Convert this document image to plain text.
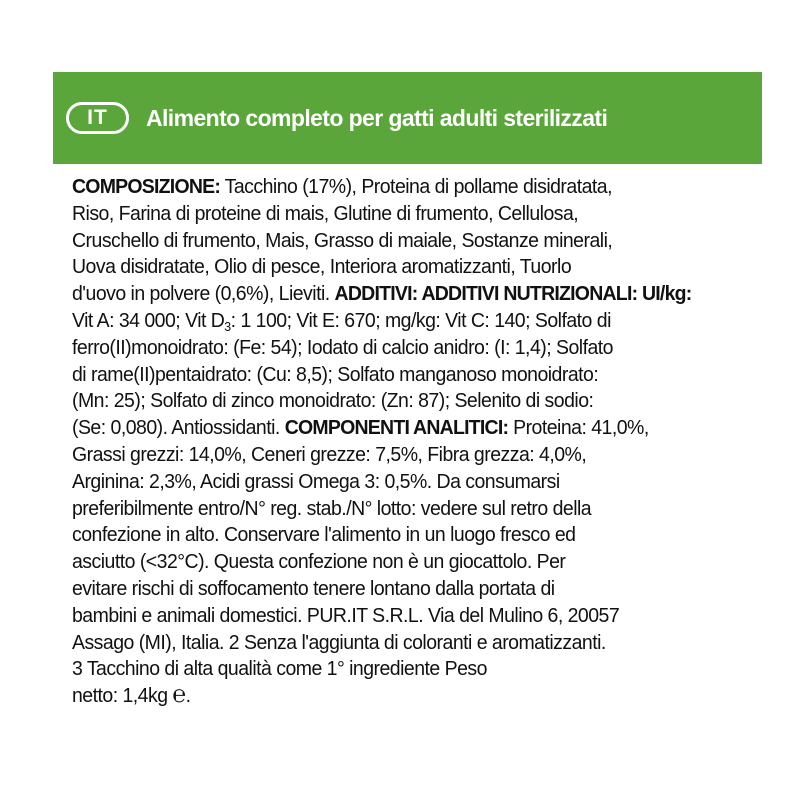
IT Alimento completo per gatti adulti sterilizzati
COMPOSIZIONE: Tacchino (17%), Proteina di pollame disidratata,
Riso, Farina di proteine di mais, Glutine di frumento, Cellulosa,
Cruschello di frumento, Mais, Grasso di maiale, Sostanze minerali,
Uova disidratate, Olio di pesce, Interiora aromatizzanti, Tuorlo
d'uovo in polvere (0,6%), Lieviti. ADDITIVI: ADDITIVI NUTRIZIONALI: UI/kg:
Vit A: 34 000; Vit $D_3$: 1 100; Vit E: 670; mg/kg: Vit C: 140; Solfato di
ferro(II)monoidrato: (Fe: 54); Iodato di calcio anidro: (I: 1,4); Solfato
di rame(II)pentaidrato: (Cu: 8,5); Solfato manganoso monoidrato:
(Mn: 25); Solfato di zinco monoidrato: (Zn: 87); Selenito di sodio:
(Se: 0,080). Antiossidanti. COMPONENTI ANALITICI: Proteina: 41,0%,
Grassi grezzi: 14,0%, Ceneri grezze: 7,5%, Fibra grezza: 4,0%,
Arginina: 2,3%, Acidi grassi Omega 3: 0,5%. Da consumarsi
preferibilmente entro/N° reg. stab./N° lotto: vedere sul retro della
confezione in alto. Conservare l'alimento in un luogo fresco ed
asciutto (<32°C). Questa confezione non è un giocattolo. Per
evitare rischi di soffocamento tenere lontano dalla portata di
bambini e animali domestici. PUR.IT S.R.L. Via del Mulino 6, 20057
Assago (MI), Italia. 2 Senza l'aggiunta di coloranti e aromatizzanti.
3 Tacchino di alta qualità come 1° ingrediente Peso
netto: 1,4kg ℮.
